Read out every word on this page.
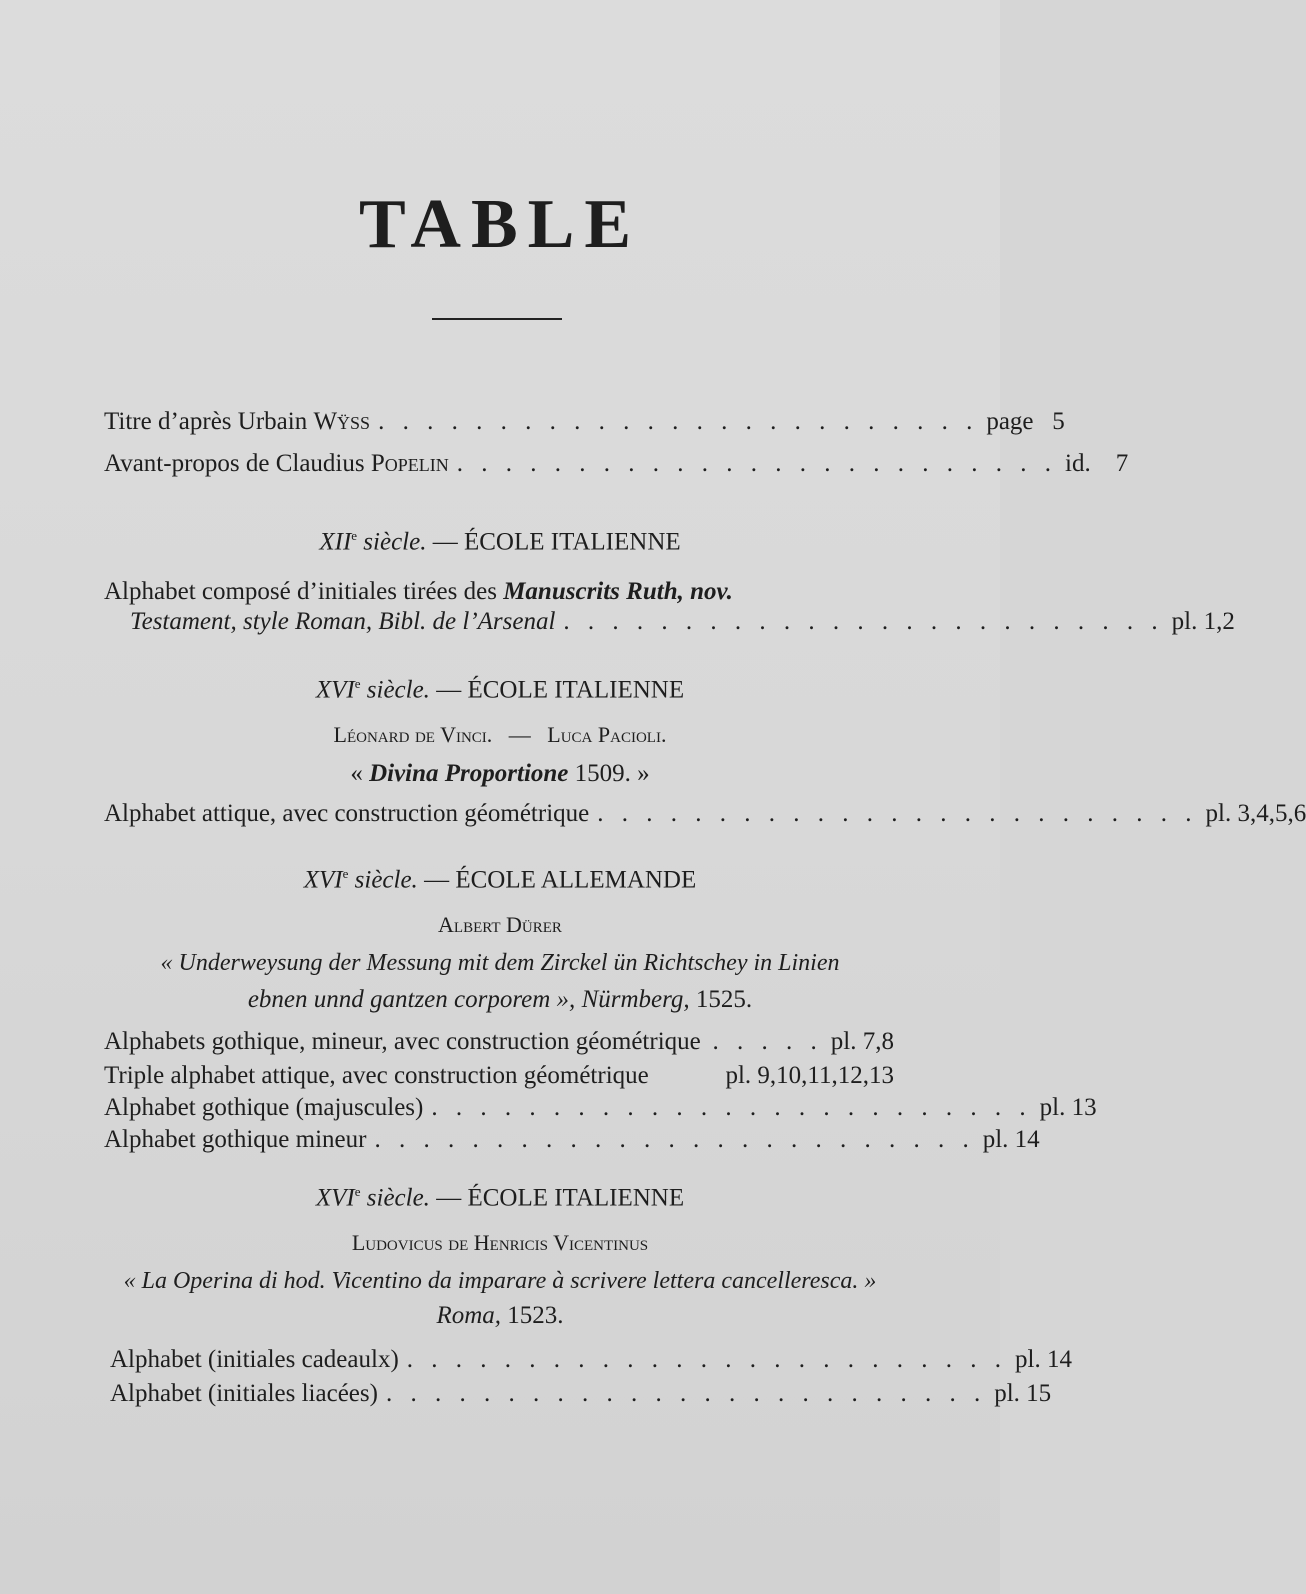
TABLE
Titre d’après Urbain Wÿss . . . . . . . . . . . . . . . . . . . . . . . . . page 5
Avant-propos de Claudius Popelin . . . . . . . . . . . . . . . . . . . . . . . . . id. 7
XIIe siècle. — ÉCOLE ITALIENNE
Alphabet composé d’initiales tirées des Manuscrits Ruth, nov.
Testament, style Roman, Bibl. de l’Arsenal . . . . . . . . . . . . . . . . . . . . . . . . . pl. 1,2
XVIe siècle. — ÉCOLE ITALIENNE
Léonard de Vinci.   —   Luca Pacioli.
« Divina Proportione 1509. »
Alphabet attique, avec construction géométrique . . . . . . . . . . . . . . . . . . . . . . . . . pl. 3,4,5,6
XVIe siècle. — ÉCOLE ALLEMANDE
Albert Dürer
« Underweysung der Messung mit dem Zirckel ün Richtschey in Linien
ebnen unnd gantzen corporem », Nürmberg, 1525.
Alphabets gothique, mineur, avec construction géométrique . . . . . pl. 7,8
Triple alphabet attique, avec construction géométrique	pl. 9,10,11,12,13
Alphabet gothique (majuscules) . . . . . . . . . . . . . . . . . . . . . . . . . pl. 13
Alphabet gothique mineur . . . . . . . . . . . . . . . . . . . . . . . . . pl. 14
XVIe siècle. — ÉCOLE ITALIENNE
Ludovicus de Henricis Vicentinus
« La Operina di hod. Vicentino da imparare à scrivere lettera cancelleresca. »
Roma, 1523.
Alphabet (initiales cadeaulx) . . . . . . . . . . . . . . . . . . . . . . . . . pl. 14
Alphabet (initiales liacées) . . . . . . . . . . . . . . . . . . . . . . . . . pl. 15
